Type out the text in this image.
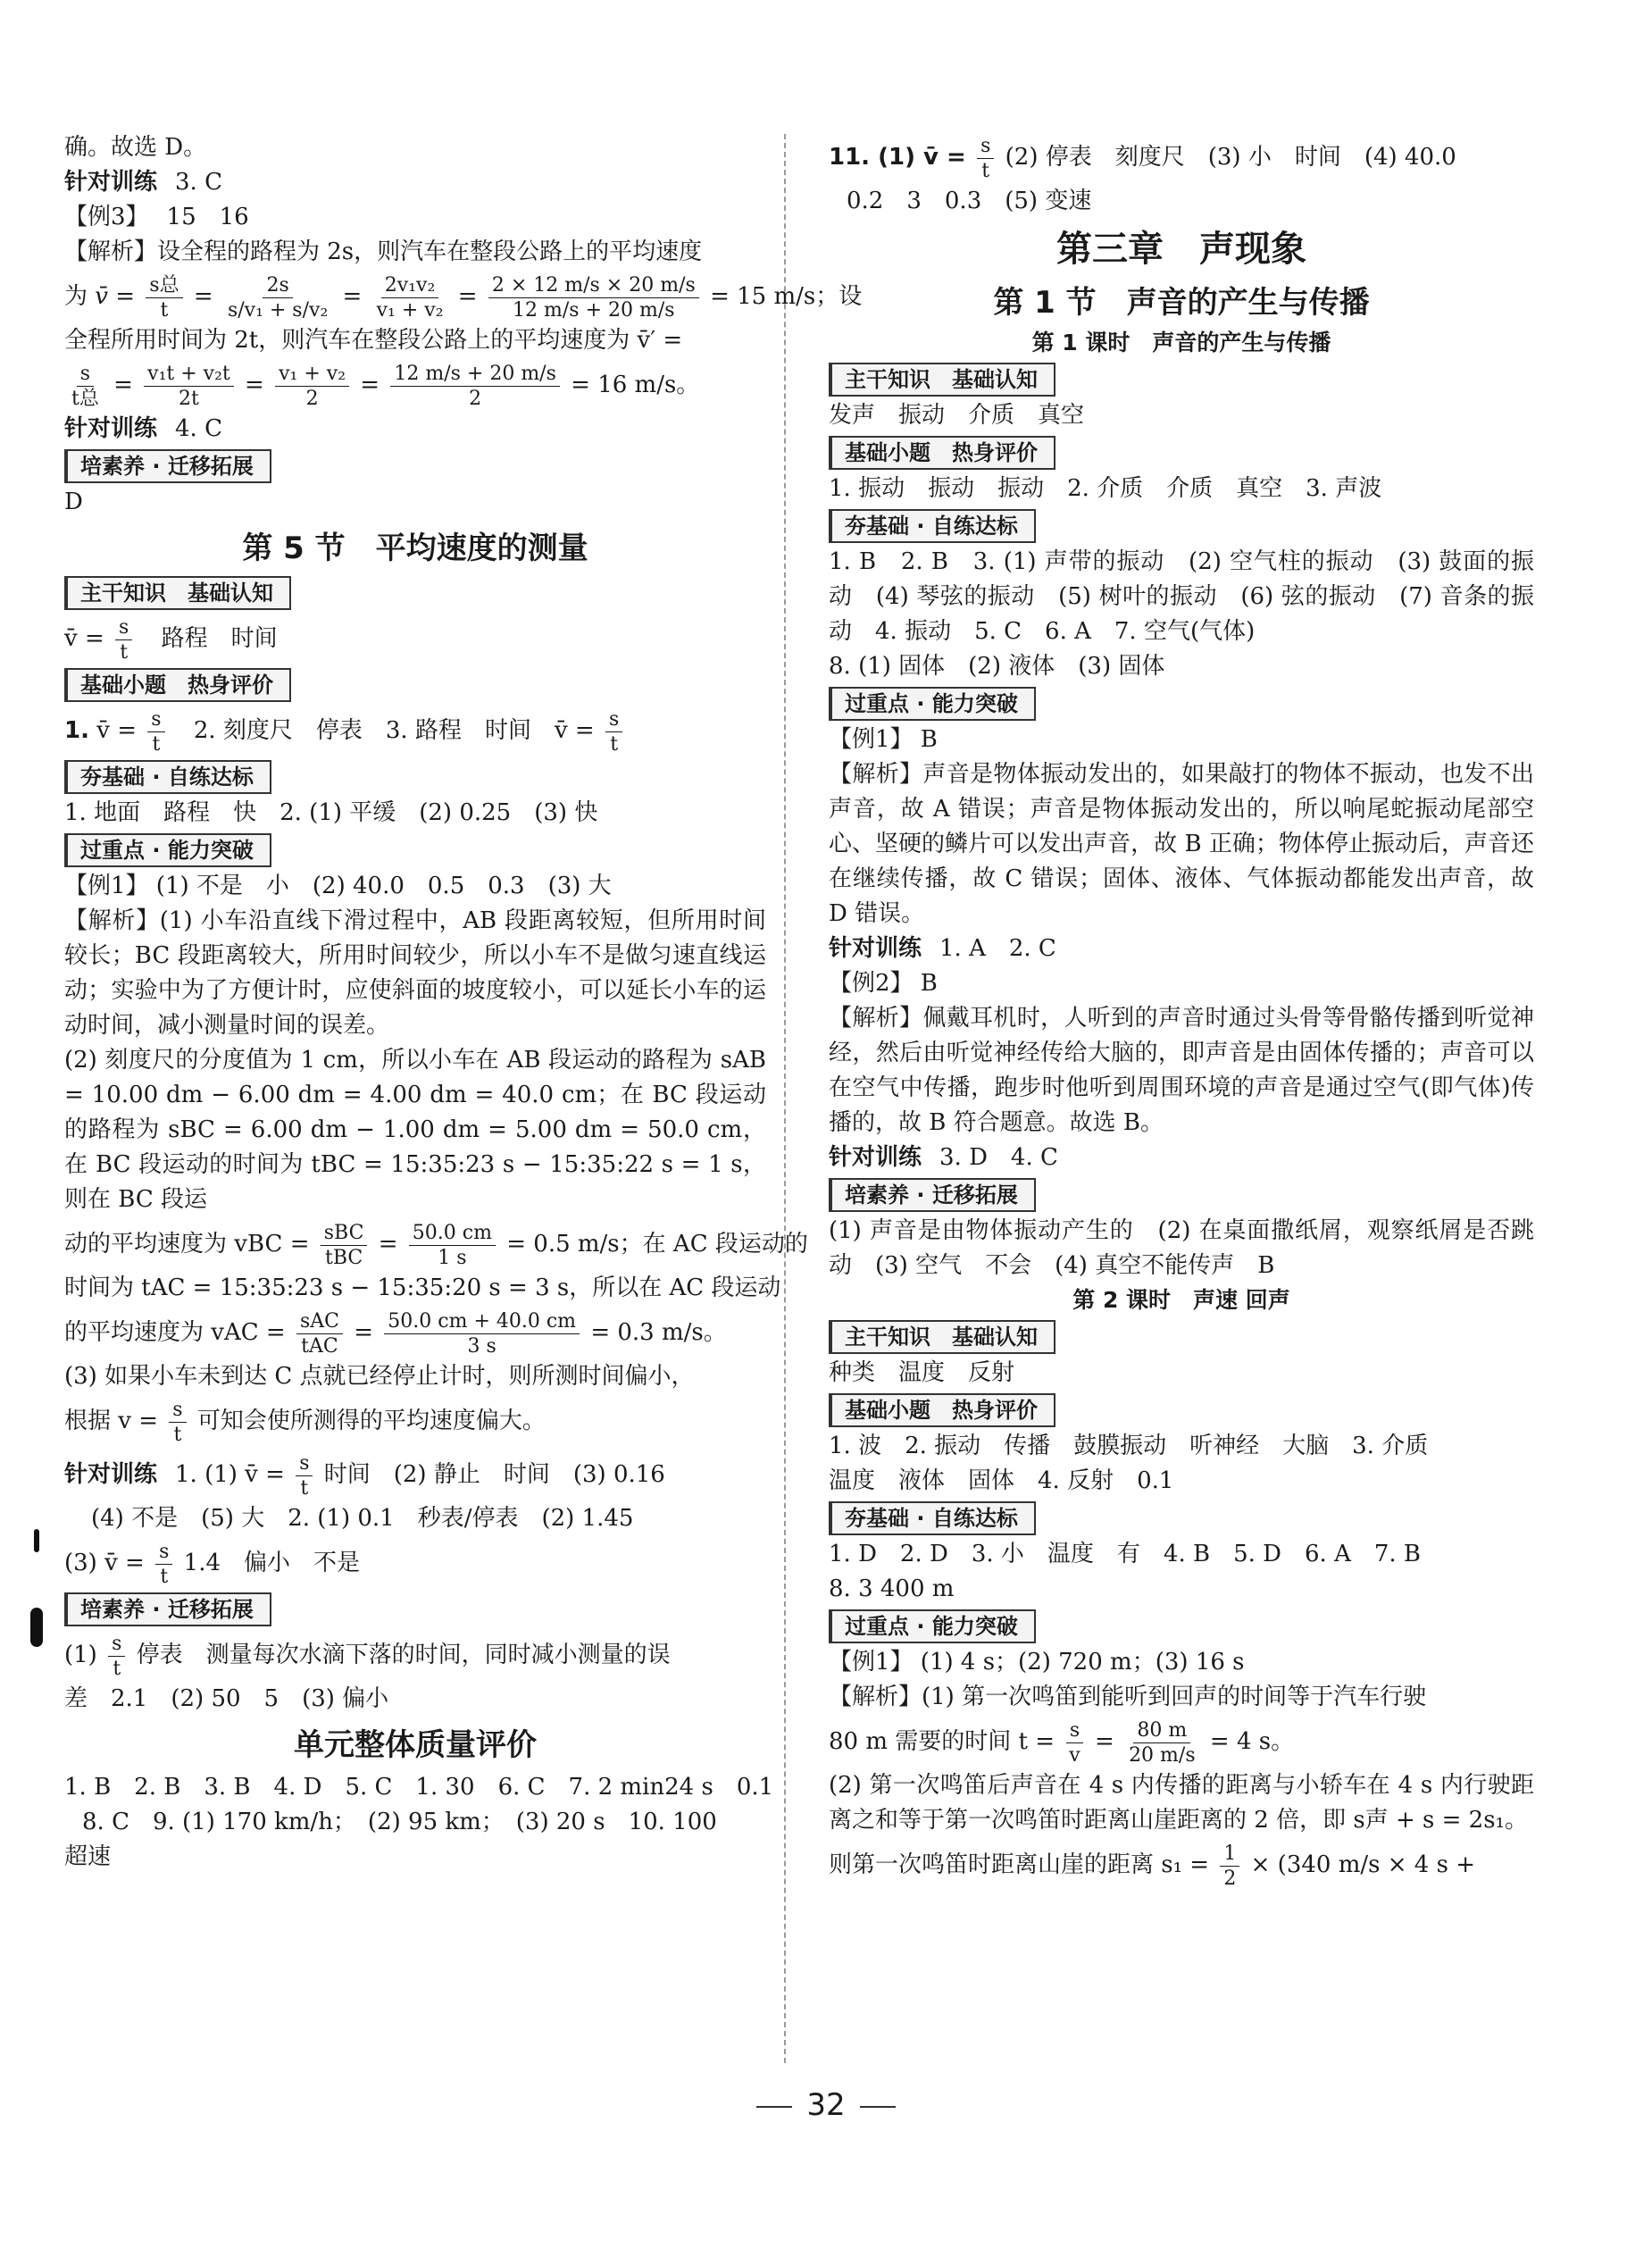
确。故选 D。
针对训练 3. C
【例3】 15　16
【解析】设全程的路程为 2s，则汽车在整段公路上的平均速度
为 v̄ = $\frac{\text{s总}}{t} = \frac{2s}{\text{s/v₁ + s/v₂}} = \frac{\text{2v₁v₂}}{\text{v₁ + v₂}} = \frac{2 \times 12 m/s \times 20 m/s}{12 m/s + 20 m/s} = 15$ m/s；设
全程所用时间为 2t，则汽车在整段公路上的平均速度为 v̄′ =
$\frac{s}{\text{t总}} = \frac{\text{v₁t + v₂t}}{2t} = \frac{\text{v₁ + v₂}}{2} = \frac{12 m/s + 20 m/s}{2} = 16$ m/s。
针对训练 4. C
培素养 · 迁移拓展
D
第 5 节　平均速度的测量
主干知识　基础认知
v̄ = $\frac{s}{t}$ 路程　时间
基础小题　热身评价
1. v̄ = $\frac{s}{t} 2$. 刻度尺　停表　3. 路程　时间　v̄ = $\frac{s}{t}$
夯基础 · 自练达标
1. 地面　路程　快　2. (1) 平缓　(2) 0.25　(3) 快
过重点 · 能力突破
【例1】 (1) 不是　小　(2) 40.0　0.5　0.3　(3) 大

【解析】(1) 小车沿直线下滑过程中，AB 段距离较短，但所用时间较长；BC 段距离较大，所用时间较少，所以小车不是做匀速直线运动；实验中为了方便计时，应使斜面的坡度较小，可以延长小车的运动时间，减小测量时间的误差。

(2) 刻度尺的分度值为 1 cm，所以小车在 AB 段运动的路程为 sAB = 10.00 dm − 6.00 dm = 4.00 dm = 40.0 cm；在 BC 段运动的路程为 sBC = 6.00 dm − 1.00 dm = 5.00 dm = 50.0 cm，在 BC 段运动的时间为 tBC = 15:35:23 s − 15:35:22 s = 1 s，则在 BC 段运

动的平均速度为 vBC = $\frac{\text{sBC}}{\text{tBC}} = \frac{50.0 cm}{1 s} = 0.5$ m/s；在 AC 段运动的
时间为 tAC = 15:35:23 s − 15:35:20 s = 3 s，所以在 AC 段运动
的平均速度为 vAC = $\frac{\text{sAC}}{\text{tAC}} = \frac{50.0 cm + 40.0 cm}{3 s} = 0.3$ m/s。
(3) 如果小车未到达 C 点就已经停止计时，则所测时间偏小，
根据 $v = \frac{s}{t}$ 可知会使所测得的平均速度偏大。
针对训练 1. (1) v̄ = $\frac{s}{t}$ 时间　(2) 静止　时间　(3) 0.16
(4) 不是　(5) 大　2. (1) 0.1　秒表/停表　(2) 1.45
(3) v̄ = $\frac{s}{t} 1.4$　偏小　不是
培素养 · 迁移拓展
$(1) \frac{s}{t}$ 停表　测量每次水滴下落的时间，同时减小测量的误
差　2.1　(2) 50　5　(3) 偏小
单元整体质量评价
1. B　2. B　3. B　4. D　5. C　1. 30　6. C　7. 2 min24 s　0.1
8. C　9. (1) 170 km/h；　(2) 95 km；　(3) 20 s　10. 100
超速
11. (1) v̄ = $\frac{s}{t} (2)$ 停表　刻度尺　(3) 小　时间　(4) 40.0
0.2　3　0.3　(5) 变速
第三章　声现象
第 1 节　声音的产生与传播
第 1 课时　声音的产生与传播
主干知识　基础认知
发声　振动　介质　真空
基础小题　热身评价
1. 振动　振动　振动　2. 介质　介质　真空　3. 声波
夯基础 · 自练达标

1. B　2. B　3. (1) 声带的振动　(2) 空气柱的振动　(3) 鼓面的振动　(4) 琴弦的振动　(5) 树叶的振动　(6) 弦的振动　(7) 音条的振动　4. 振动　5. C　6. A　7. 空气(气体)

8. (1) 固体　(2) 液体　(3) 固体
过重点 · 能力突破
【例1】 B

【解析】声音是物体振动发出的，如果敲打的物体不振动，也发不出声音，故 A 错误；声音是物体振动发出的，所以响尾蛇振动尾部空心、坚硬的鳞片可以发出声音，故 B 正确；物体停止振动后，声音还在继续传播，故 C 错误；固体、液体、气体振动都能发出声音，故 D 错误。

针对训练 1. A　2. C
【例2】 B

【解析】佩戴耳机时，人听到的声音时通过头骨等骨骼传播到听觉神经，然后由听觉神经传给大脑的，即声音是由固体传播的；声音可以在空气中传播，跑步时他听到周围环境的声音是通过空气(即气体)传播的，故 B 符合题意。故选 B。

针对训练 3. D　4. C
培素养 · 迁移拓展

(1) 声音是由物体振动产生的　(2) 在桌面撒纸屑，观察纸屑是否跳动　(3) 空气　不会　(4) 真空不能传声　B

第 2 课时　声速 回声
主干知识　基础认知
种类　温度　反射
基础小题　热身评价
1. 波　2. 振动　传播　鼓膜振动　听神经　大脑　3. 介质
温度　液体　固体　4. 反射　0.1
夯基础 · 自练达标
1. D　2. D　3. 小　温度　有　4. B　5. D　6. A　7. B
8. 3 400 m
过重点 · 能力突破
【例1】 (1) 4 s；(2) 720 m；(3) 16 s
【解析】(1) 第一次鸣笛到能听到回声的时间等于汽车行驶
80 m 需要的时间 $t = \frac{s}{v} = \frac{80 m}{20 m/s} = 4$ s。

(2) 第一次鸣笛后声音在 4 s 内传播的距离与小轿车在 4 s 内行驶距离之和等于第一次鸣笛时距离山崖距离的 2 倍，即 s声 + s = 2s₁。

则第一次鸣笛时距离山崖的距离 $s_1 = \frac{1}{2} \times (340$ m/s × 4 s +
32
